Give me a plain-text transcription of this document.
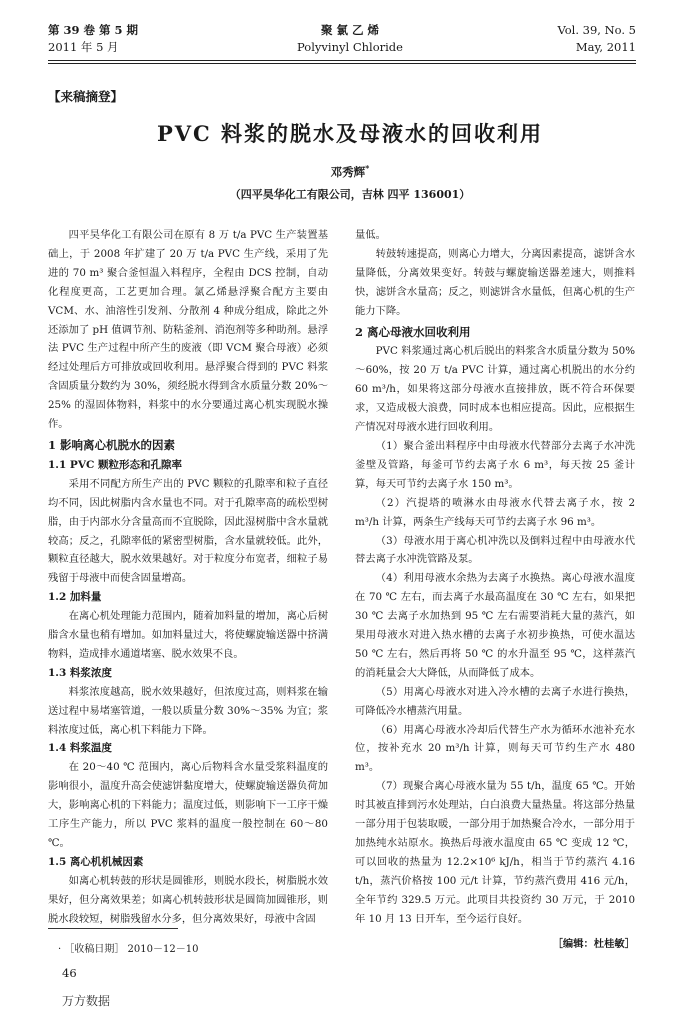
第 39 卷 第 5 期
2011 年 5 月
聚 氯 乙 烯
Polyvinyl Chloride
Vol. 39, No. 5
May, 2011
【来稿摘登】
PVC 料浆的脱水及母液水的回收利用
邓秀辉*
（四平昊华化工有限公司，吉林 四平 136001）

四平昊华化工有限公司在原有 8 万 t/a PVC 生产装置基础上，于 2008 年扩建了 20 万 t/a PVC 生产线，采用了先进的 70 m³ 聚合釜恒温入料程序，全程由 DCS 控制，自动化程度更高，工艺更加合理。氯乙烯悬浮聚合配方主要由 VCM、水、油溶性引发剂、分散剂 4 种成分组成，除此之外还添加了 pH 值调节剂、防粘釜剂、消泡剂等多种助剂。悬浮法 PVC 生产过程中所产生的废液（即 VCM 聚合母液）必须经过处理后方可排放或回收利用。悬浮聚合得到的 PVC 料浆含固质量分数约为 30%，须经脱水得到含水质量分数 20%～25% 的湿固体物料，料浆中的水分要通过离心机实现脱水操作。

1 影响离心机脱水的因素

1.1 PVC 颗粒形态和孔隙率

采用不同配方所生产出的 PVC 颗粒的孔隙率和粒子直径均不同，因此树脂内含水量也不同。对于孔隙率高的疏松型树脂，由于内部水分含量高而不宜脱除，因此湿树脂中含水量就较高；反之，孔隙率低的紧密型树脂，含水量就较低。此外，颗粒直径越大，脱水效果越好。对于粒度分布宽者，细粒子易残留于母液中而使含固量增高。

1.2 加料量

在离心机处理能力范围内，随着加料量的增加，离心后树脂含水量也稍有增加。如加料量过大，将使螺旋输送器中挤满物料，造成排水通道堵塞、脱水效果不良。

1.3 料浆浓度

料浆浓度越高，脱水效果越好，但浓度过高，则料浆在输送过程中易堵塞管道，一般以质量分数 30%～35% 为宜；浆料浓度过低，离心机下料能力下降。

1.4 料浆温度

在 20～40 ℃ 范围内，离心后物料含水量受浆料温度的影响很小，温度升高会使滤饼黏度增大，使螺旋输送器负荷加大，影响离心机的下料能力；温度过低，则影响下一工序干燥工序生产能力，所以 PVC 浆料的温度一般控制在 60～80 ℃。

1.5 离心机机械因素

如离心机转鼓的形状是圆锥形，则脱水段长，树脂脱水效果好，但分离效果差；如离心机转鼓形状是圆筒加圆锥形，则脱水段较短，树脂残留水分多，但分离效果好，母液中含固

量低。

转鼓转速提高，则离心力增大，分离因素提高，滤饼含水量降低，分离效果变好。转鼓与螺旋输送器差速大，则推料快，滤饼含水量高；反之，则滤饼含水量低，但离心机的生产能力下降。

2 离心母液水回收利用

PVC 料浆通过离心机后脱出的料浆含水质量分数为 50%～60%，按 20 万 t/a PVC 计算，通过离心机脱出的水分约 60 m³/h，如果将这部分母液水直接排放，既不符合环保要求，又造成极大浪费，同时成本也相应提高。因此，应根据生产情况对母液水进行回收利用。

（1）聚合釜出料程序中由母液水代替部分去离子水冲洗釜壁及管路，每釜可节约去离子水 6 m³，每天按 25 釜计算，每天可节约去离子水 150 m³。

（2）汽提塔的喷淋水由母液水代替去离子水，按 2 m³/h 计算，两条生产线每天可节约去离子水 96 m³。

（3）母液水用于离心机冲洗以及倒料过程中由母液水代替去离子水冲洗管路及泵。

（4）利用母液水余热为去离子水换热。离心母液水温度在 70 ℃ 左右，而去离子水最高温度在 30 ℃ 左右，如果把 30 ℃ 去离子水加热到 95 ℃ 左右需要消耗大量的蒸汽，如果用母液水对进入热水槽的去离子水初步换热，可使水温达 50 ℃ 左右，然后再将 50 ℃ 的水升温至 95 ℃，这样蒸汽的消耗量会大大降低，从而降低了成本。

（5）用离心母液水对进入冷水槽的去离子水进行换热，可降低冷水槽蒸汽用量。

（6）用离心母液水冷却后代替生产水为循环水池补充水位，按补充水 20 m³/h 计算，则每天可节约生产水 480 m³。

（7）现聚合离心母液水量为 55 t/h，温度 65 ℃。开始时其被直排到污水处理站，白白浪费大量热量。将这部分热量一部分用于包装取暖，一部分用于加热聚合冷水，一部分用于加热纯水站原水。换热后母液水温度由 65 ℃ 变成 12 ℃，可以回收的热量为 12.2×10⁶ kJ/h，相当于节约蒸汽 4.16 t/h，蒸汽价格按 100 元/t 计算，节约蒸汽费用 416 元/h，全年节约 329.5 万元。此项目共投资约 30 万元，于 2010 年 10 月 13 日开车，至今运行良好。

［编辑：杜桂敏］

· ［收稿日期］ 2010－12－10
46
万方数据
